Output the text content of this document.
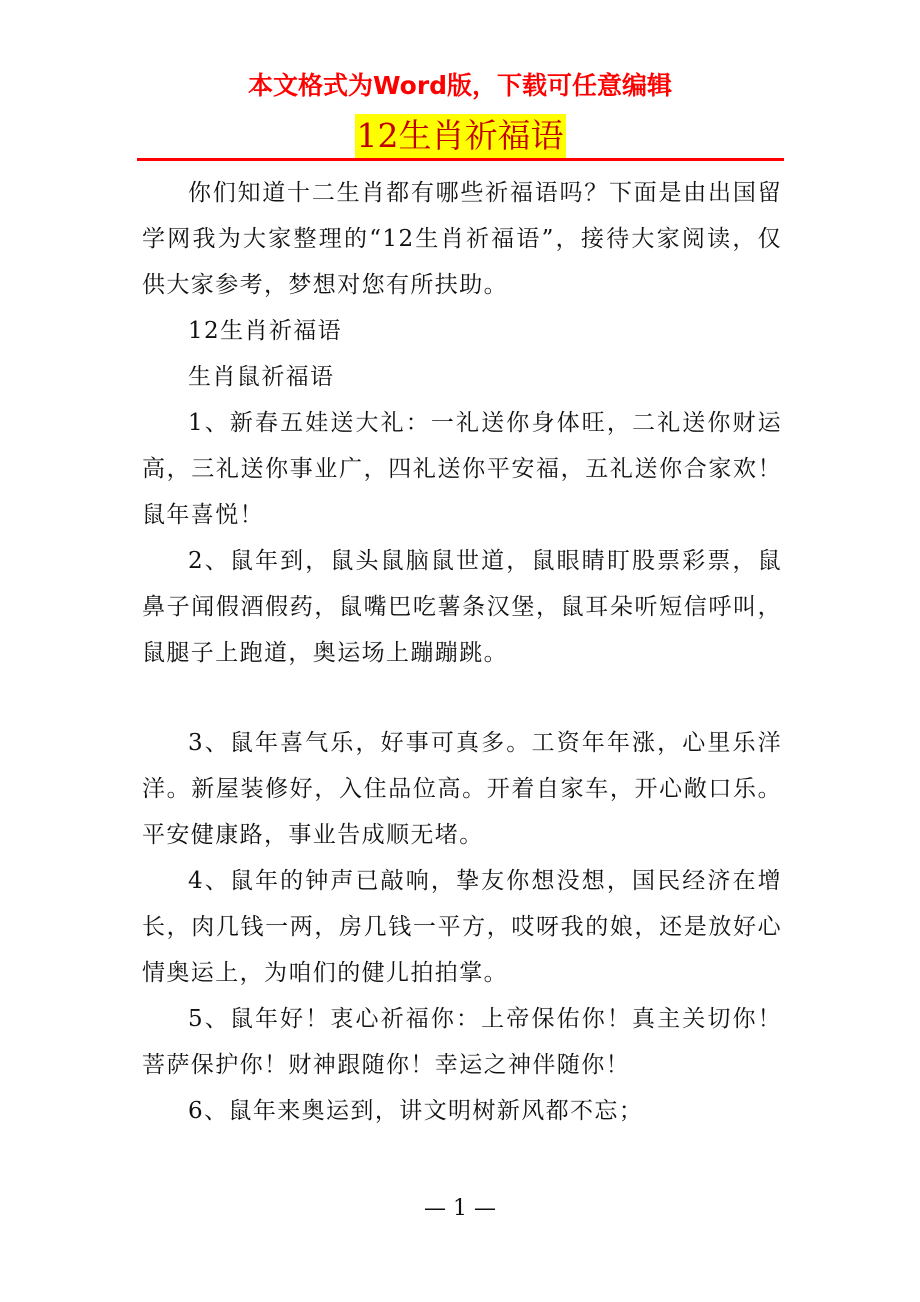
本文格式为Word版，下载可任意编辑
12生肖祈福语

你们知道十二生肖都有哪些祈福语吗？下面是由出国留学网我为大家整理的“12生肖祈福语”，接待大家阅读，仅供大家参考，梦想对您有所扶助。

12生肖祈福语

生肖鼠祈福语

1、新春五娃送大礼：一礼送你身体旺，二礼送你财运高，三礼送你事业广，四礼送你平安福，五礼送你合家欢！鼠年喜悦！

2、鼠年到，鼠头鼠脑鼠世道，鼠眼睛盯股票彩票，鼠鼻子闻假酒假药，鼠嘴巴吃薯条汉堡，鼠耳朵听短信呼叫，鼠腿子上跑道，奥运场上蹦蹦跳。

3、鼠年喜气乐，好事可真多。工资年年涨，心里乐洋洋。新屋装修好，入住品位高。开着自家车，开心敞口乐。平安健康路，事业告成顺无堵。

4、鼠年的钟声已敲响，挚友你想没想，国民经济在增长，肉几钱一两，房几钱一平方，哎呀我的娘，还是放好心情奥运上，为咱们的健儿拍拍掌。

5、鼠年好！衷心祈福你：上帝保佑你！真主关切你！菩萨保护你！财神跟随你！幸运之神伴随你！

6、鼠年来奥运到，讲文明树新风都不忘；

— 1 —
